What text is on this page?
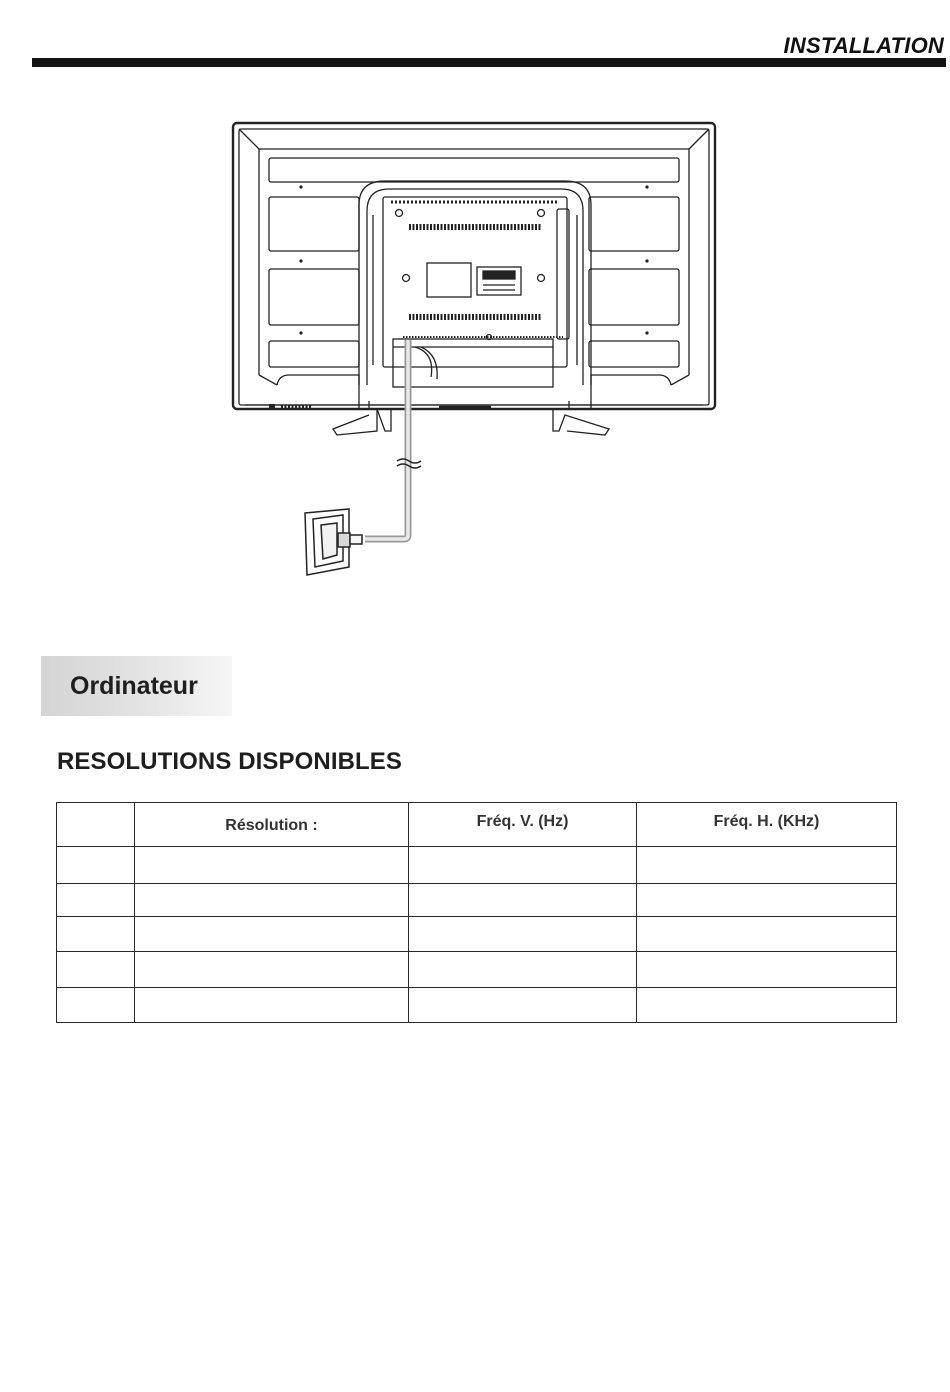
INSTALLATION
Ordinateur
RESOLUTIONS DISPONIBLES
	Résolution :	Fréq. V. (Hz)	Fréq. H. (KHz)
